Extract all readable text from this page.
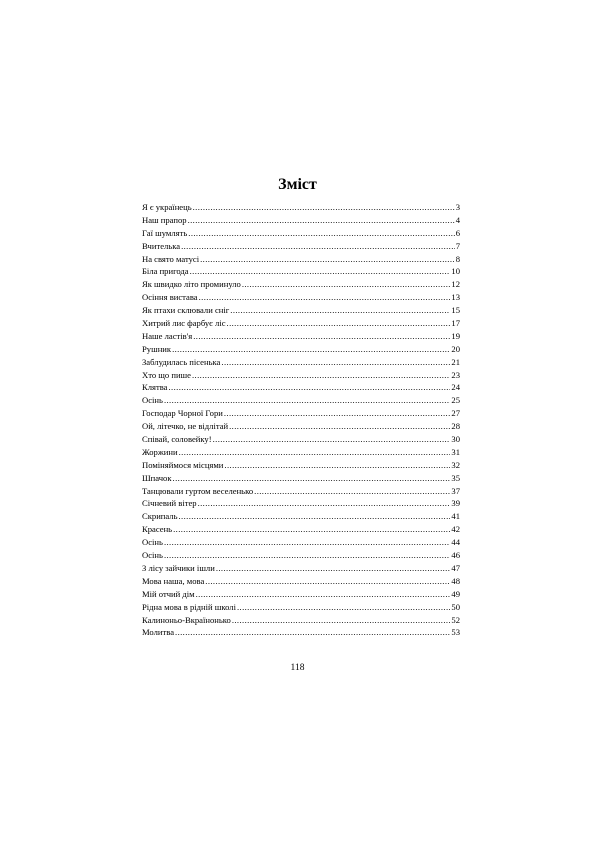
Зміст
Я є українець .....	3
Наш прапор .....	4
Гаї шумлять .....	6
Вчителька .....	7
На свято матусі .....	8
Біла пригода .....	10
Як швидко літо проминуло .....	12
Осіння вистава .....	13
Як птахи склювали сніг .....	15
Хитрий лис фарбує ліс .....	17
Наше ластів'я .....	19
Рушник .....	20
Заблудилась пісенька .....	21
Хто що пише .....	23
Клятва .....	24
Осінь .....	25
Господар Чорної Гори .....	27
Ой, літечко, не відлітай .....	28
Співай, соловейку! .....	30
Жоржини .....	31
Поміняймося місцями .....	32
Шпачок .....	35
Танцювали гуртом веселенько .....	37
Січневий вітер .....	39
Скрипаль .....	41
Красень .....	42
Осінь .....	44
Осінь .....	46
З лісу зайчики ішли .....	47
Мова наша, мова .....	48
Мій отчий дім .....	49
Рідна мова в рідній школі .....	50
Калиноньо-Вкраїнонько .....	52
Молитва .....	53
118
